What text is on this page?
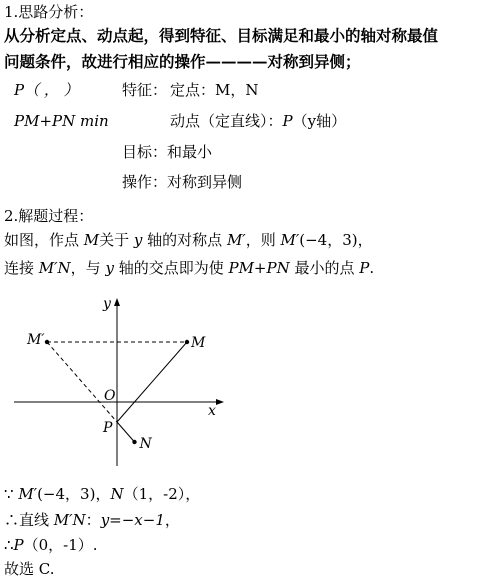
1.思路分析：
从分析定点、动点起，得到特征、目标满足和最小的轴对称最值
问题条件，故进行相应的操作————对称到异侧；
P（ ， ）	特征： 定点：M，N
PM+PN min	动点（定直线）：P（y轴）
目标：和最小
操作：对称到异侧
2.解题过程：
如图，作点 M关于 y 轴的对称点 M′，则 M′(−4，3)，
连接 M′N，与 y 轴的交点即为使 PM+PN 最小的点 P.
x
y
O
M
M′
N
P
∵ M′(−4，3)，N（1，-2），
∴直线 M′N：y=−x−1，
∴P（0，-1）.
故选 C.
